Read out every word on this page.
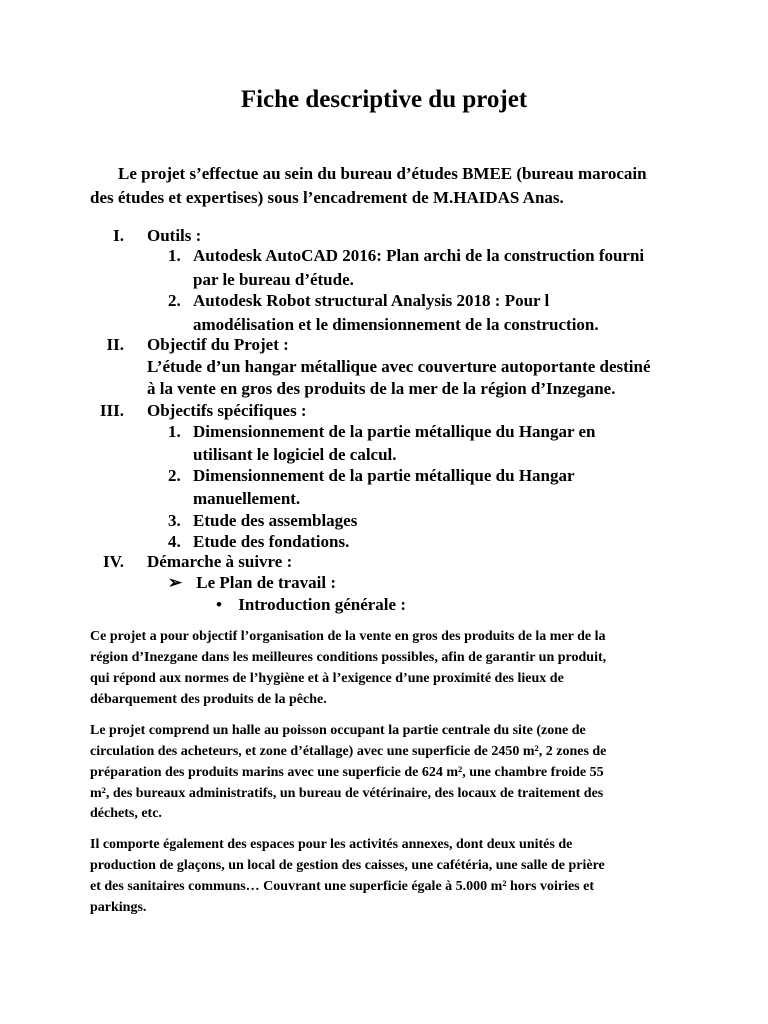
Fiche descriptive du projet
Le projet s’effectue au sein du bureau d’études BMEE (bureau marocain
des études et expertises) sous l’encadrement de M.HAIDAS Anas.
I. Outils :
1. Autodesk AutoCAD 2016: Plan archi de la construction fourni
par le bureau d’étude.
2. Autodesk Robot structural Analysis 2018 : Pour l
amodélisation et le dimensionnement de la construction.
II. Objectif du Projet :
L’étude d’un hangar métallique avec couverture autoportante destiné
à la vente en gros des produits de la mer de la région d’Inzegane.
III. Objectifs spécifiques :
1. Dimensionnement de la partie métallique du Hangar en
utilisant le logiciel de calcul.
2. Dimensionnement de la partie métallique du Hangar
manuellement.
3. Etude des assemblages
4. Etude des fondations.
IV. Démarche à suivre :
➢ Le Plan de travail :
• Introduction générale :
Ce projet a pour objectif l’organisation de la vente en gros des produits de la mer de la
région d’Inezgane dans les meilleures conditions possibles, afin de garantir un produit,
qui répond aux normes de l’hygiène et à l’exigence d’une proximité des lieux de
débarquement des produits de la pêche.
Le projet comprend un halle au poisson occupant la partie centrale du site (zone de
circulation des acheteurs, et zone d’étallage) avec une superficie de 2450 m², 2 zones de
préparation des produits marins avec une superficie de 624 m², une chambre froide 55
m², des bureaux administratifs, un bureau de vétérinaire, des locaux de traitement des
déchets, etc.
Il comporte également des espaces pour les activités annexes, dont deux unités de
production de glaçons, un local de gestion des caisses, une cafétéria, une salle de prière
et des sanitaires communs… Couvrant une superficie égale à 5.000 m² hors voiries et
parkings.
